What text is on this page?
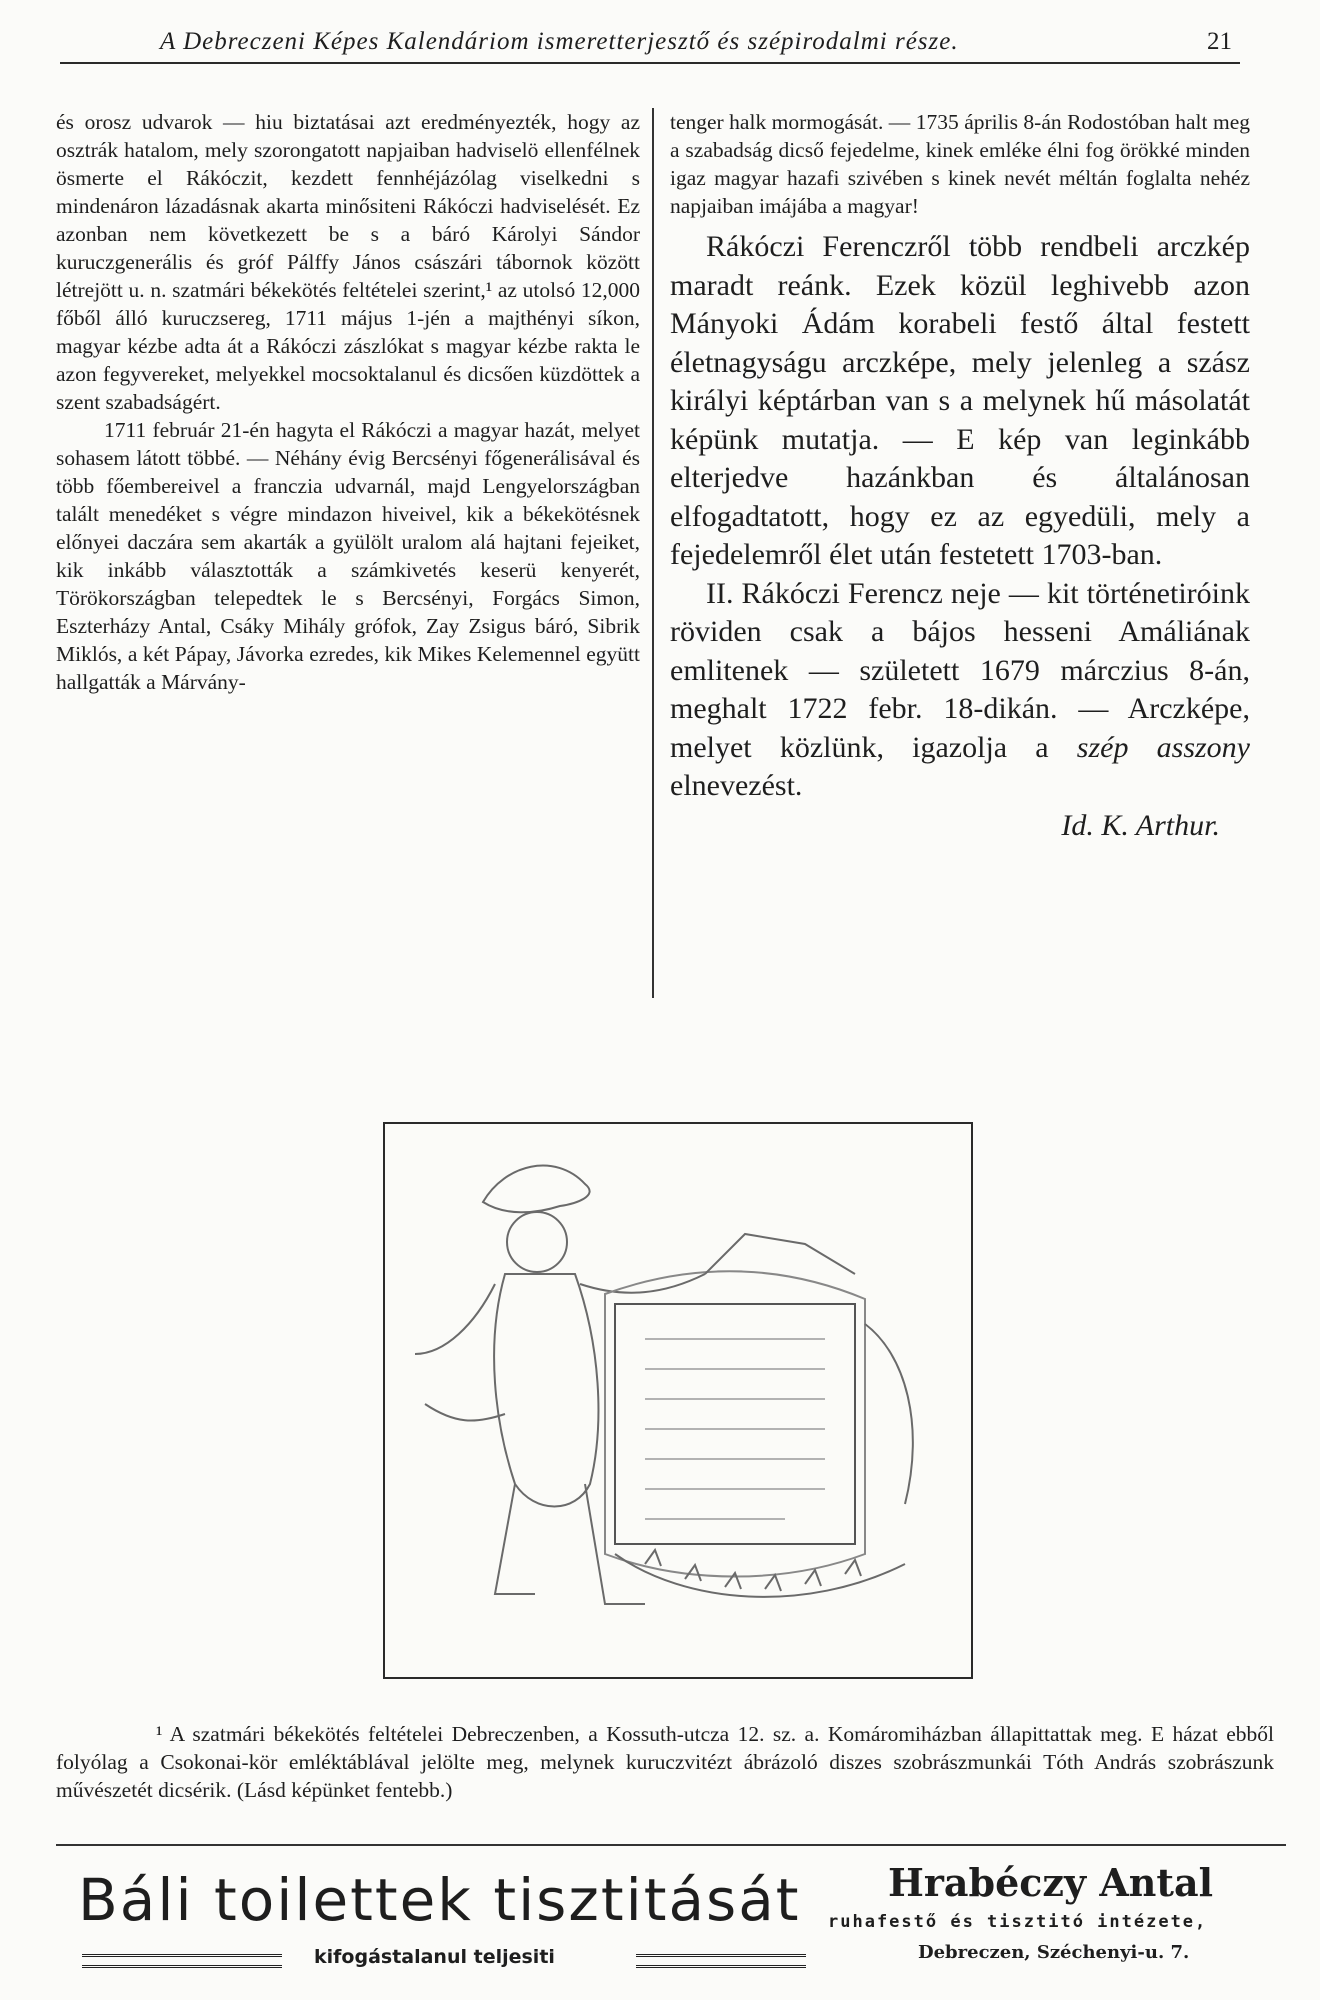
A Debreczeni Képes Kalendáriom ismeretterjesztő és szépirodalmi része.	21

és orosz udvarok — hiu biztatásai azt eredményezték, hogy az osztrák hatalom, mely szorongatott napjaiban hadviselö ellenfélnek ösmerte el Rákóczit, kezdett fennhéjázólag viselkedni s mindenáron lázadásnak akarta minősiteni Rákóczi hadviselését. Ez azonban nem következett be s a báró Károlyi Sándor kuruczgenerális és gróf Pálffy János császári tábornok között létrejött u. n. szatmári békekötés feltételei szerint,¹ az utolsó 12,000 főből álló kuruczsereg, 1711 május 1-jén a majthényi síkon, magyar kézbe adta át a Rákóczi zászlókat s magyar kézbe rakta le azon fegyvereket, melyekkel mocsoktalanul és dicsően küzdöttek a szent szabadságért.

1711 február 21-én hagyta el Rákóczi a magyar hazát, melyet sohasem látott többé. — Néhány évig Bercsényi főgenerálisával és több főembereivel a franczia udvarnál, majd Lengyelországban talált menedéket s végre mindazon hiveivel, kik a békekötésnek előnyei daczára sem akarták a gyülölt uralom alá hajtani fejeiket, kik inkább választották a számkivetés keserü kenyerét, Törökországban telepedtek le s Bercsényi, Forgács Simon, Eszterházy Antal, Csáky Mihály grófok, Zay Zsigus báró, Sibrik Miklós, a két Pápay, Jávorka ezredes, kik Mikes Kelemennel együtt hallgatták a Márvány-

tenger halk mormogását. — 1735 április 8-án Rodostóban halt meg a szabadság dicső fejedelme, kinek emléke élni fog örökké minden igaz magyar hazafi szivében s kinek nevét méltán foglalta nehéz napjaiban imájába a magyar!

Rákóczi Ferenczről több rendbeli arczkép maradt reánk. Ezek közül leghivebb azon Mányoki Ádám korabeli festő által festett életnagyságu arczképe, mely jelenleg a szász királyi képtárban van s a melynek hű másolatát képünk mutatja. — E kép van leginkább elterjedve hazánkban és általánosan elfogadtatott, hogy ez az egyedüli, mely a fejedelemről élet után festetett 1703-ban.

II. Rákóczi Ferencz neje — kit történetiróink röviden csak a bájos hesseni Amáliának emlitenek — született 1679 márczius 8-án, meghalt 1722 febr. 18-dikán. — Arczképe, melyet közlünk, igazolja a szép asszony elnevezést.

Id. K. Arthur.

¹ A szatmári békekötés feltételei Debreczenben, a Kossuth-utcza 12. sz. a. Komáromiházban állapittattak meg. E házat ebből folyólag a Csokonai-kör emléktáblával jelölte meg, melynek kuruczvitézt ábrázoló diszes szobrászmunkái Tóth András szobrászunk művészetét dicsérik. (Lásd képünket fentebb.)

Báli toilettek tisztitását
kifogástalanul teljesiti
Hrabéczy Antal
ruhafestő és tisztitó intézete,
Debreczen, Széchenyi-u. 7.
